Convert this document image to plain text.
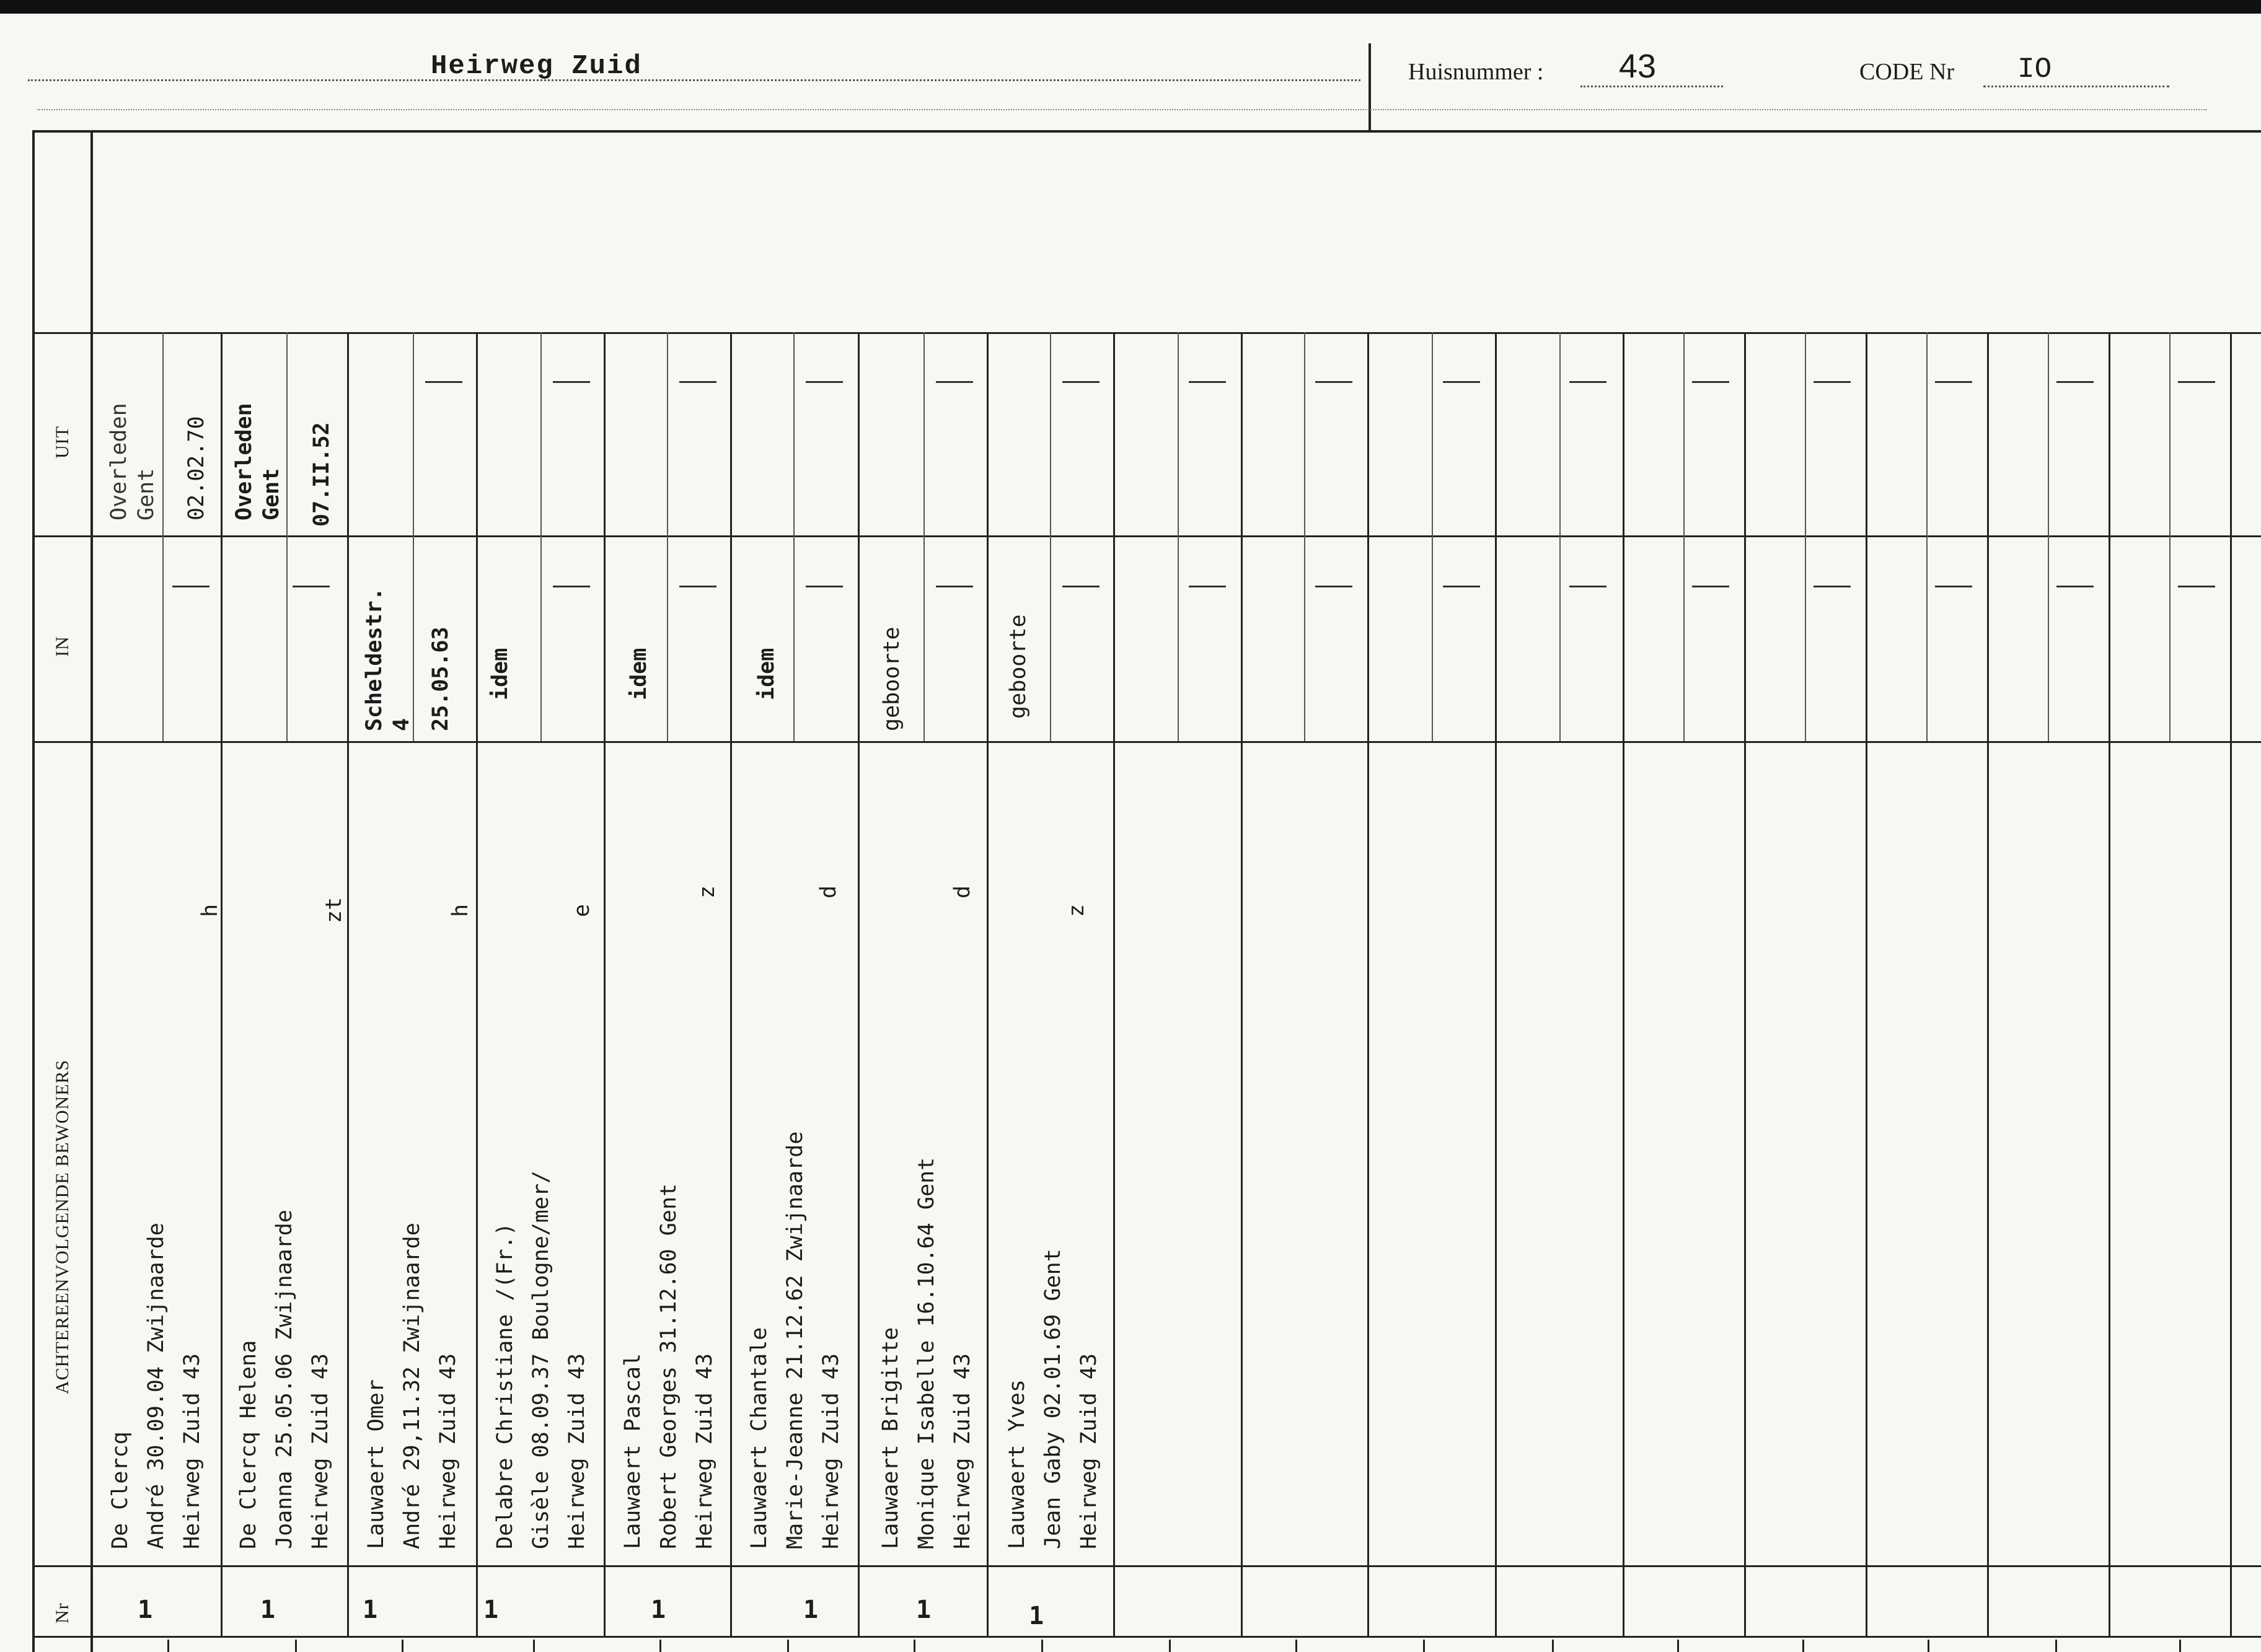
Heirweg Zuid	Huisnummer : 43	CODE Nr IO
Nr
ACHTEREENVOLGENDE BEWONERS
IN
UIT
De Clercq André 30.09.04 Zwijnaarde Heirweg Zuid 43
h
Overleden Gent 02.02.70
1
De Clercq Helena Joanna 25.05.06 Zwijnaarde Heirweg Zuid 43
zt
Overleden Gent 07.II.52
1
Lauwaert Omer André 29,11.32 Zwijnaarde Heirweg Zuid 43
h
Scheldestr. 4 25.05.63
1
Delabre Christiane /(Fr.) Gisèle 08.09.37 Boulogne/mer/ Heirweg Zuid 43
e
idem
1
Lauwaert Pascal Robert Georges 31.12.60 Gent Heirweg Zuid 43
z
idem
1
Lauwaert Chantale Marie-Jeanne 21.12.62 Zwijnaarde Heirweg Zuid 43
d
idem
1
Lauwaert Brigitte Monique Isabelle 16.10.64 Gent Heirweg Zuid 43
d
geboorte
1
Lauwaert Yves Jean Gaby 02.01.69 Gent Heirweg Zuid 43
z
geboorte
1
